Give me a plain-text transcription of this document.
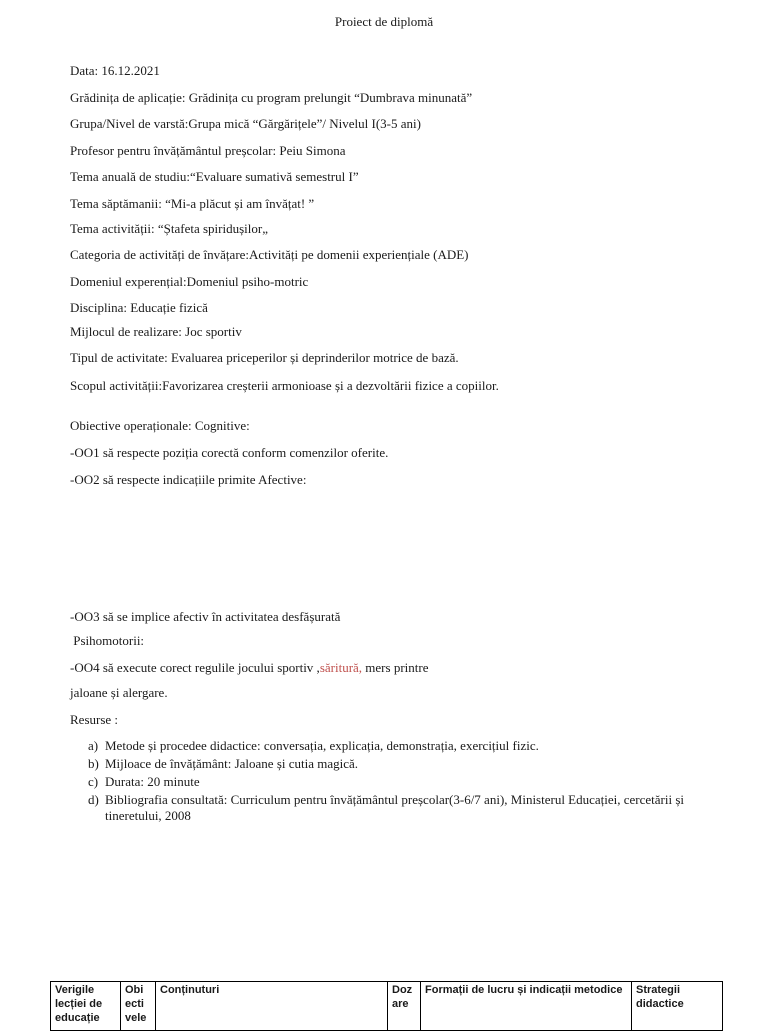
Proiect de diplomă
Data: 16.12.2021
Grădinița de aplicație: Grădinița cu program prelungit “Dumbrava minunată”
Grupa/Nivel de varstă:Grupa mică “Gărgărițele”/ Nivelul I(3-5 ani)
Profesor pentru învățământul preșcolar: Peiu Simona
Tema anuală de studiu:“Evaluare sumativă semestrul I”
Tema săptămanii: “Mi-a plăcut și am învățat! ”
Tema activității: “Ștafeta spiridușilor„
Categoria de activități de învățare:Activități pe domenii experiențiale (ADE)
Domeniul experențial:Domeniul psiho-motric
Disciplina: Educație fizică
Mijlocul de realizare: Joc sportiv
Tipul de activitate: Evaluarea priceperilor și deprinderilor motrice de bază.
Scopul activității:Favorizarea creșterii armonioase și a dezvoltării fizice a copiilor.
Obiective operaționale: Cognitive:
-OO1 să respecte poziția corectă conform comenzilor oferite.
-OO2 să respecte indicațiile primite Afective:
-OO3 să se implice afectiv în activitatea desfășurată
Psihomotorii:
-OO4 să execute corect regulile jocului sportiv ,săritură, mers printre
jaloane și alergare.
Resurse :
a) Metode și procedee didactice: conversația, explicația, demonstrația, exercițiul fizic.
b) Mijloace de învățământ: Jaloane și cutia magică.
c) Durata: 20 minute
d) Bibliografia consultată: Curriculum pentru învățământul preșcolar(3-6/7 ani), Ministerul Educației, cercetării și tineretului, 2008
Verigile lecției de educație	Obi ecti vele	Conținuturi	Doz are	Formații de lucru și indicații metodice	Strategii didactice
